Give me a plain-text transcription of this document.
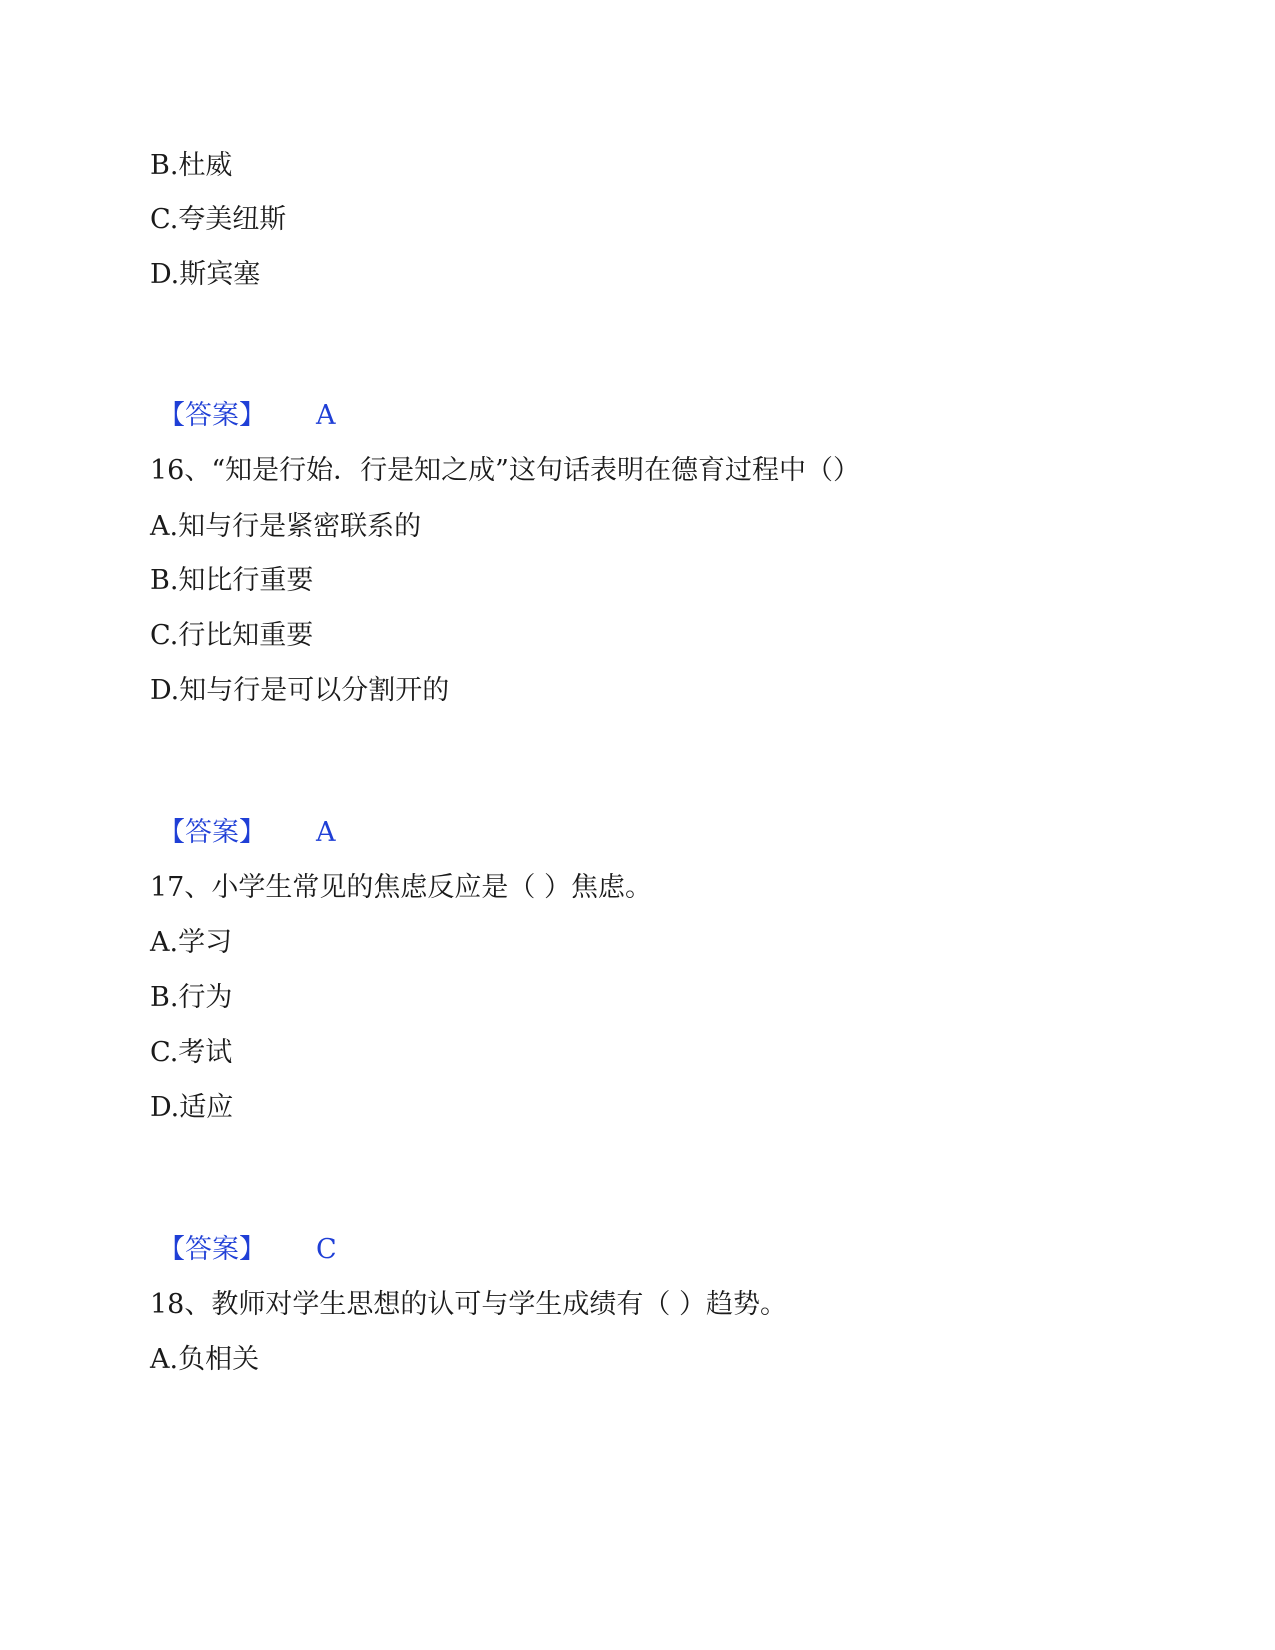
B.杜威
C.夸美纽斯
D.斯宾塞
【答案】 A
16、“知是行始．行是知之成”这句话表明在德育过程中（）
A.知与行是紧密联系的
B.知比行重要
C.行比知重要
D.知与行是可以分割开的
【答案】 A
17、小学生常见的焦虑反应是（ ）焦虑。
A.学习
B.行为
C.考试
D.适应
【答案】 C
18、教师对学生思想的认可与学生成绩有（ ）趋势。
A.负相关
